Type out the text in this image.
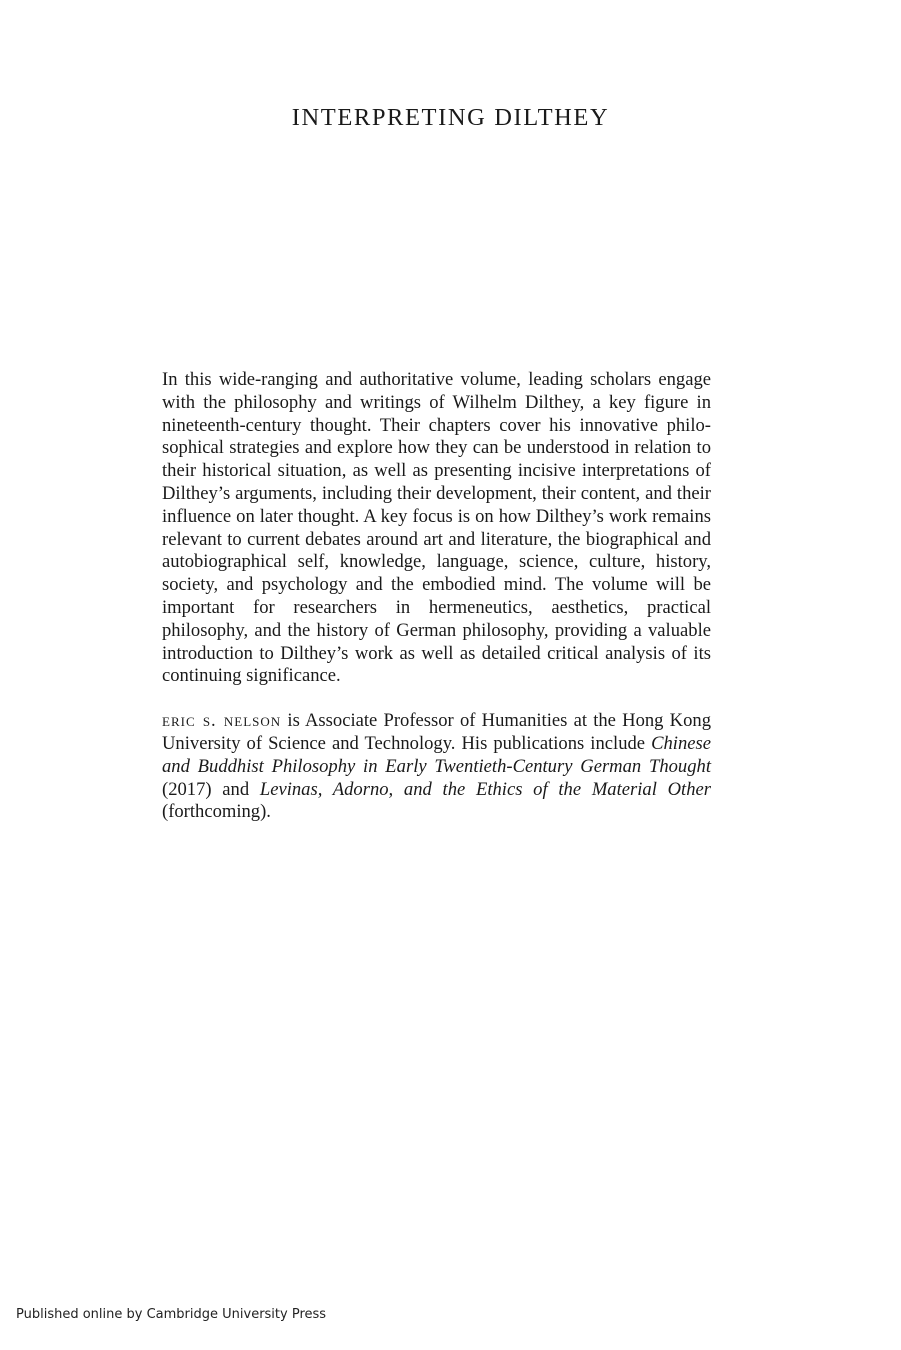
INTERPRETING DILTHEY

In this wide-ranging and authoritative volume, leading scholars engage with the philosophy and writings of Wilhelm Dilthey, a key figure in nineteenth-century thought. Their chapters cover his innovative philosophical strategies and explore how they can be understood in relation to their historical situation, as well as presenting incisive interpretations of Dilthey’s arguments, including their development, their content, and their influence on later thought. A key focus is on how Dilthey’s work remains relevant to current debates around art and literature, the biographical and autobiographical self, knowledge, language, science, culture, history, society, and psychology and the embodied mind. The volume will be important for researchers in hermeneutics, aesthetics, practical philosophy, and the history of German philosophy, providing a valuable introduction to Dilthey’s work as well as detailed critical analysis of its continuing significance.

eric s. nelson is Associate Professor of Humanities at the Hong Kong University of Science and Technology. His publications include Chinese and Buddhist Philosophy in Early Twentieth-Century German Thought (2017) and Levinas, Adorno, and the Ethics of the Material Other (forthcoming).

Published online by Cambridge University Press
